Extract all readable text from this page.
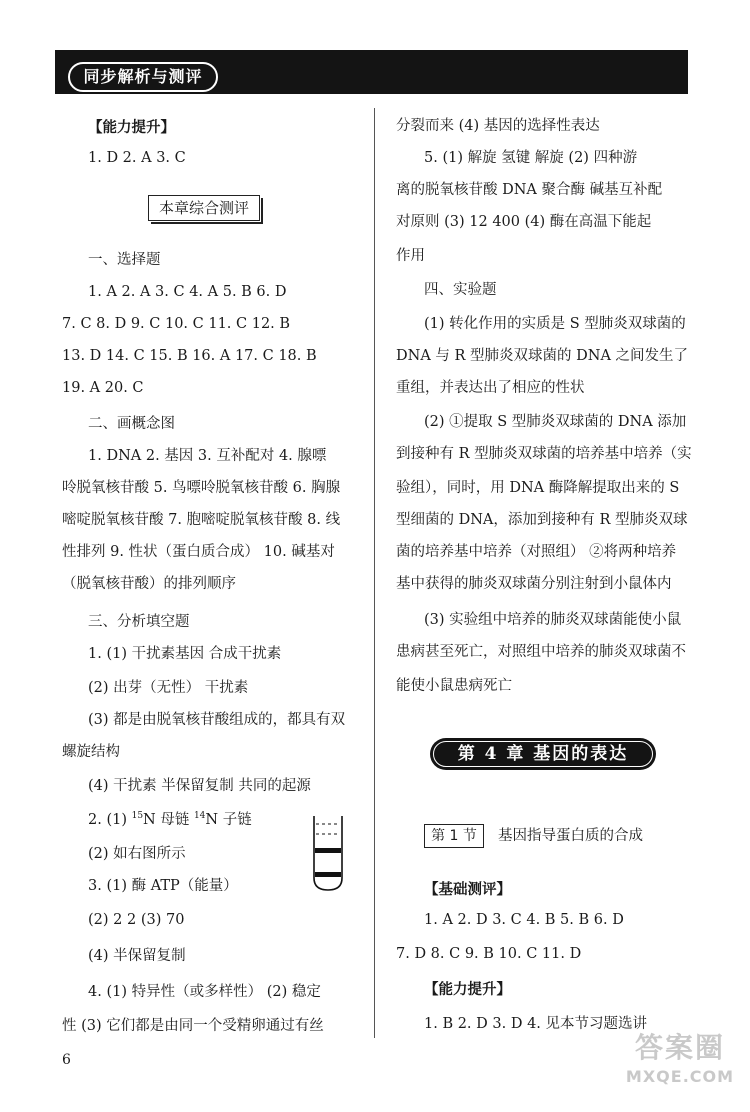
同步解析与测评
【能力提升】
1. D 2. A 3. C
本章综合测评
一、选择题
1. A 2. A 3. C 4. A 5. B 6. D
7. C 8. D 9. C 10. C 11. C 12. B
13. D 14. C 15. B 16. A 17. C 18. B
19. A 20. C
二、画概念图
1. DNA 2. 基因 3. 互补配对 4. 腺嘌
呤脱氧核苷酸 5. 鸟嘌呤脱氧核苷酸 6. 胸腺
嘧啶脱氧核苷酸 7. 胞嘧啶脱氧核苷酸 8. 线
性排列 9. 性状（蛋白质合成） 10. 碱基对
（脱氧核苷酸）的排列顺序
三、分析填空题
1. (1) 干扰素基因 合成干扰素
(2) 出芽（无性） 干扰素
(3) 都是由脱氧核苷酸组成的，都具有双
螺旋结构
(4) 干扰素 半保留复制 共同的起源
2. (1) $^{15}$N 母链 $^{14}$N 子链
(2) 如右图所示
3. (1) 酶 ATP（能量）
(2) 2 2 (3) 70
(4) 半保留复制
4. (1) 特异性（或多样性） (2) 稳定
性 (3) 它们都是由同一个受精卵通过有丝
分裂而来 (4) 基因的选择性表达
5. (1) 解旋 氢键 解旋 (2) 四种游
离的脱氧核苷酸 DNA 聚合酶 碱基互补配
对原则 (3) 12 400 (4) 酶在高温下能起
作用
四、实验题
(1) 转化作用的实质是 S 型肺炎双球菌的
DNA 与 R 型肺炎双球菌的 DNA 之间发生了
重组，并表达出了相应的性状
(2) ①提取 S 型肺炎双球菌的 DNA 添加
到接种有 R 型肺炎双球菌的培养基中培养（实
验组），同时，用 DNA 酶降解提取出来的 S
型细菌的 DNA，添加到接种有 R 型肺炎双球
菌的培养基中培养（对照组） ②将两种培养
基中获得的肺炎双球菌分别注射到小鼠体内
(3) 实验组中培养的肺炎双球菌能使小鼠
患病甚至死亡，对照组中培养的肺炎双球菌不
能使小鼠患病死亡
第 4 章 基因的表达
第 1 节	基因指导蛋白质的合成
【基础测评】
1. A 2. D 3. C 4. B 5. B 6. D
7. D 8. C 9. B 10. C 11. D
【能力提升】
1. B 2. D 3. D 4. 见本节习题选讲
6	答案圈
MXQE.COM
